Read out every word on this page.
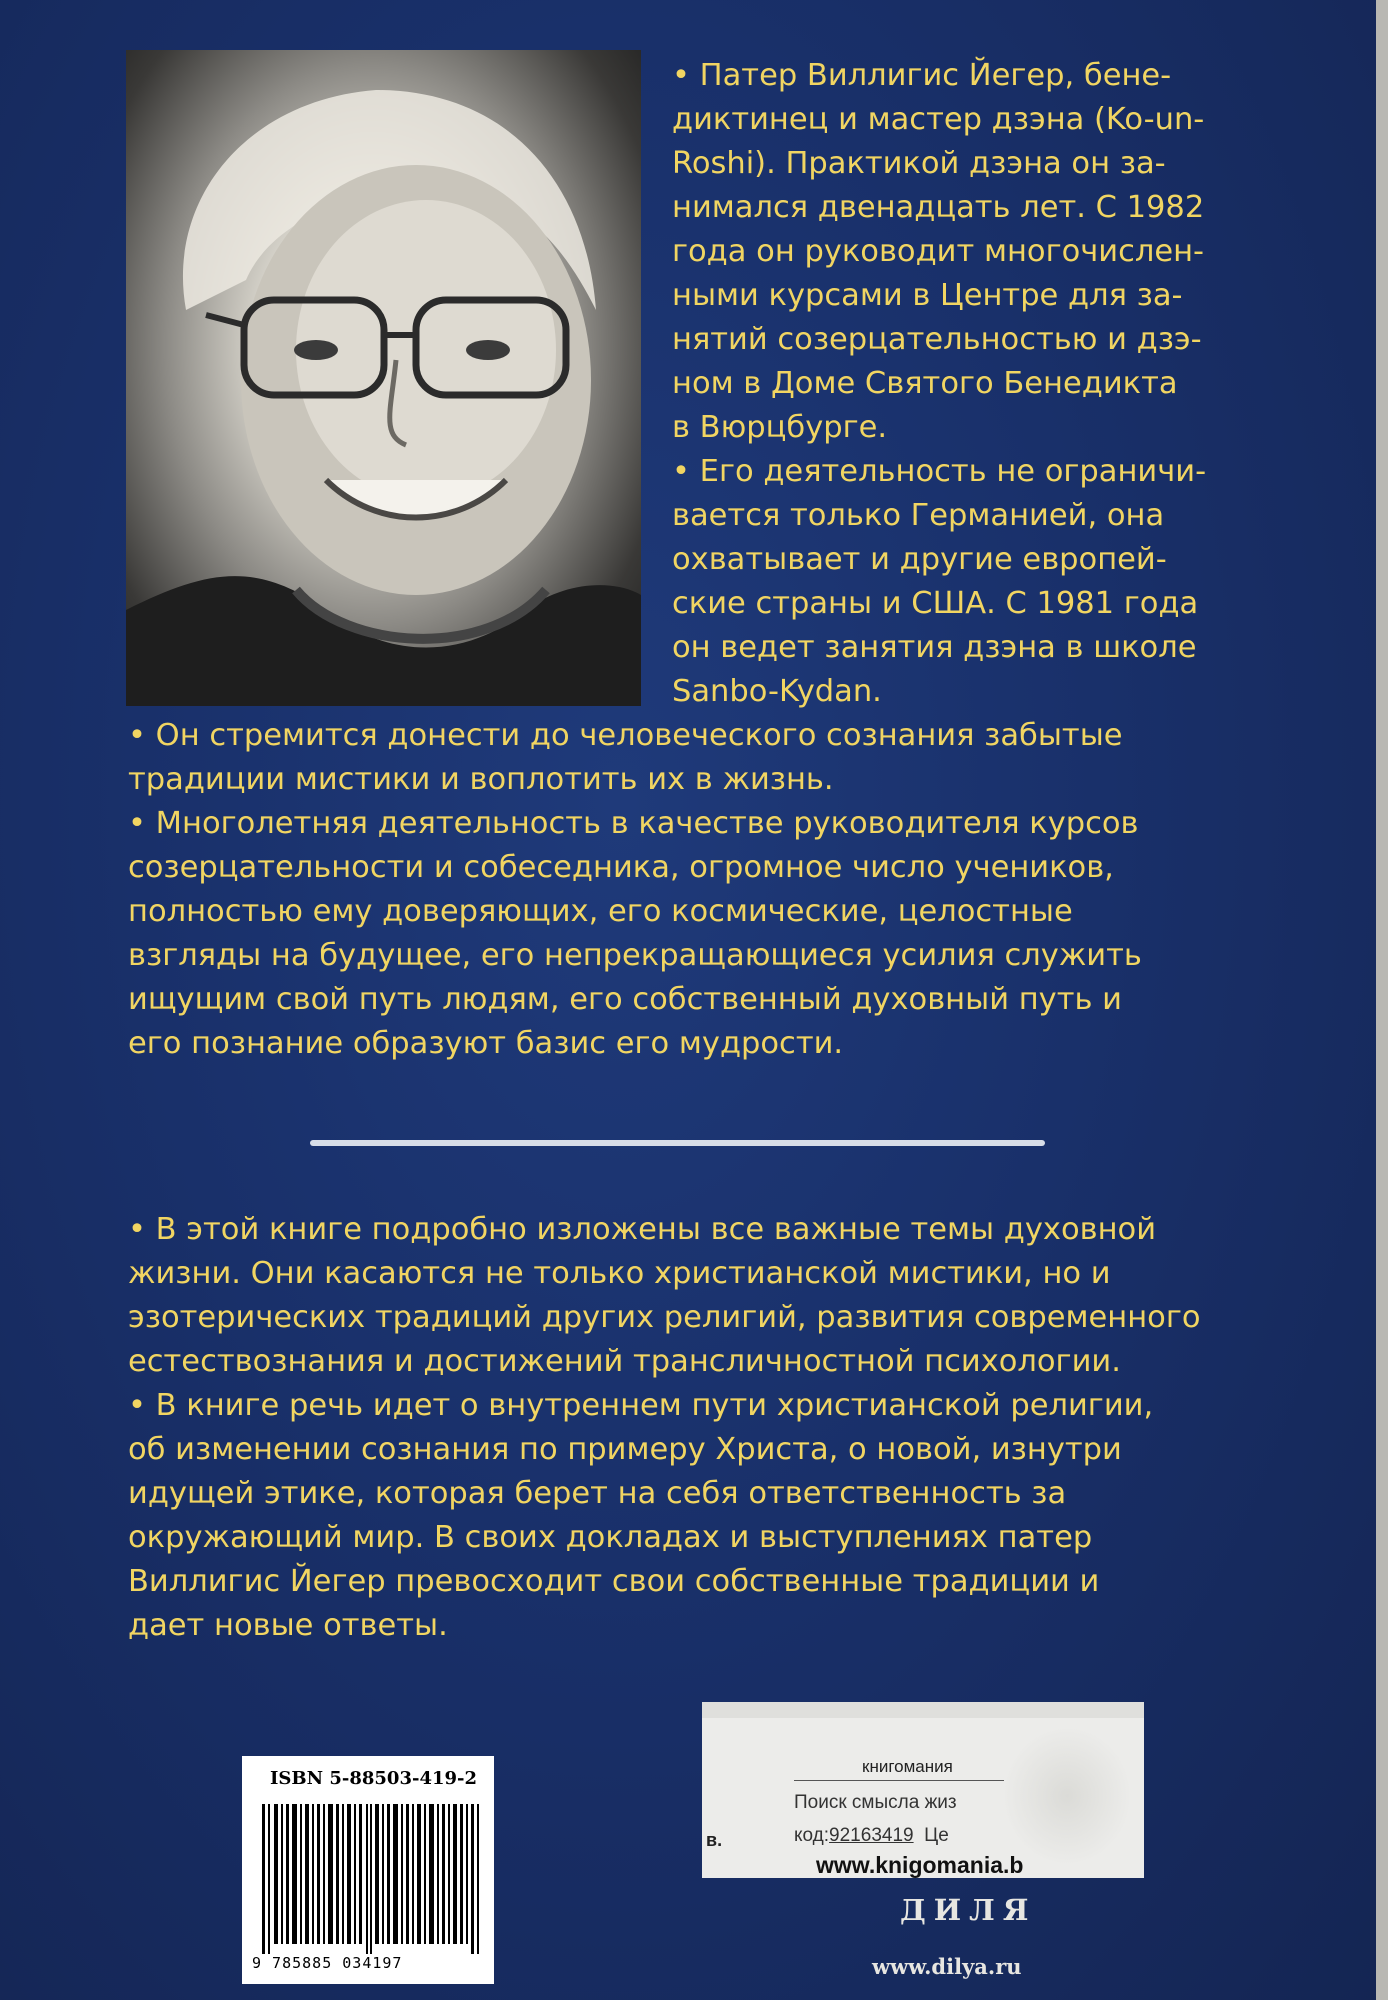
• Патер Виллигис Йегер, бене-

диктинец и мастер дзэна (Ko-un-

Roshi). Практикой дзэна он за-

нимался двенадцать лет. С 1982

года он руководит многочислен-

ными курсами в Центре для за-

нятий созерцательностью и дзэ-

ном в Доме Святого Бенедикта

в Вюрцбурге.

• Его деятельность не ограничи-

вается только Германией, она

охватывает и другие европей-

ские страны и США. С 1981 года

он ведет занятия дзэна в школе

Sanbo-Kydan.

• Он стремится донести до человеческого сознания забытые

традиции мистики и воплотить их в жизнь.

• Многолетняя деятельность в качестве руководителя курсов

созерцательности и собеседника, огромное число учеников,

полностью ему доверяющих, его космические, целостные

взгляды на будущее, его непрекращающиеся усилия служить

ищущим свой путь людям, его собственный духовный путь и

его познание образуют базис его мудрости.

• В этой книге подробно изложены все важные темы духовной

жизни. Они касаются не только христианской мистики, но и

эзотерических традиций других религий, развития современного

естествознания и достижений транcличностной психологии.

• В книге речь идет о внутреннем пути христианской религии,

об изменении сознания по примеру Христа, о новой, изнутри

идущей этике, которая берет на себя ответственность за

окружающий мир. В своих докладах и выступлениях патер

Виллигис Йегер превосходит свои собственные традиции и

дает новые ответы.

ISBN 5-88503-419-2
9 785885 034197
книгомания
Поиск смысла жиз
в.	код:92163419 Це
www.knigomania.b
ДИЛЯ
www.dilya.ru
